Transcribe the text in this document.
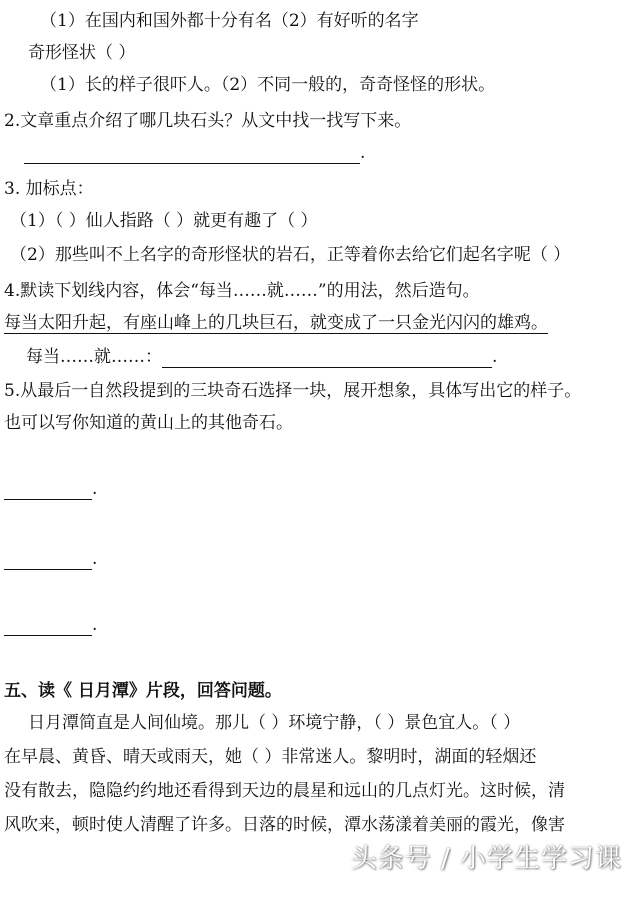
（1）在国内和国外都十分有名（2）有好听的名字
奇形怪状（ ）
（1）长的样子很吓人。（2）不同一般的，奇奇怪怪的形状。
2.文章重点介绍了哪几块石头？从文中找一找写下来。
.
3. 加标点：
（1）（ ）仙人指路（ ）就更有趣了（ ）
（2）那些叫不上名字的奇形怪状的岩石，正等着你去给它们起名字呢（ ）
4.默读下划线内容，体会“每当……就……”的用法，然后造句。
每当太阳升起，有座山峰上的几块巨石，就变成了一只金光闪闪的雄鸡。
每当……就……：	.
5.从最后一自然段提到的三块奇石选择一块，展开想象，具体写出它的样子。
也可以写你知道的黄山上的其他奇石。
.
.
.
五、读《 日月潭》片段，回答问题。
日月潭简直是人间仙境。那儿（ ）环境宁静，（ ）景色宜人。（ ）
在早晨、黄昏、晴天或雨天，她（ ）非常迷人。黎明时，湖面的轻烟还
没有散去，隐隐约约地还看得到天边的晨星和远山的几点灯光。这时候，清
风吹来，顿时使人清醒了许多。日落的时候，潭水荡漾着美丽的霞光，像害
头条号 / 小学生学习课
